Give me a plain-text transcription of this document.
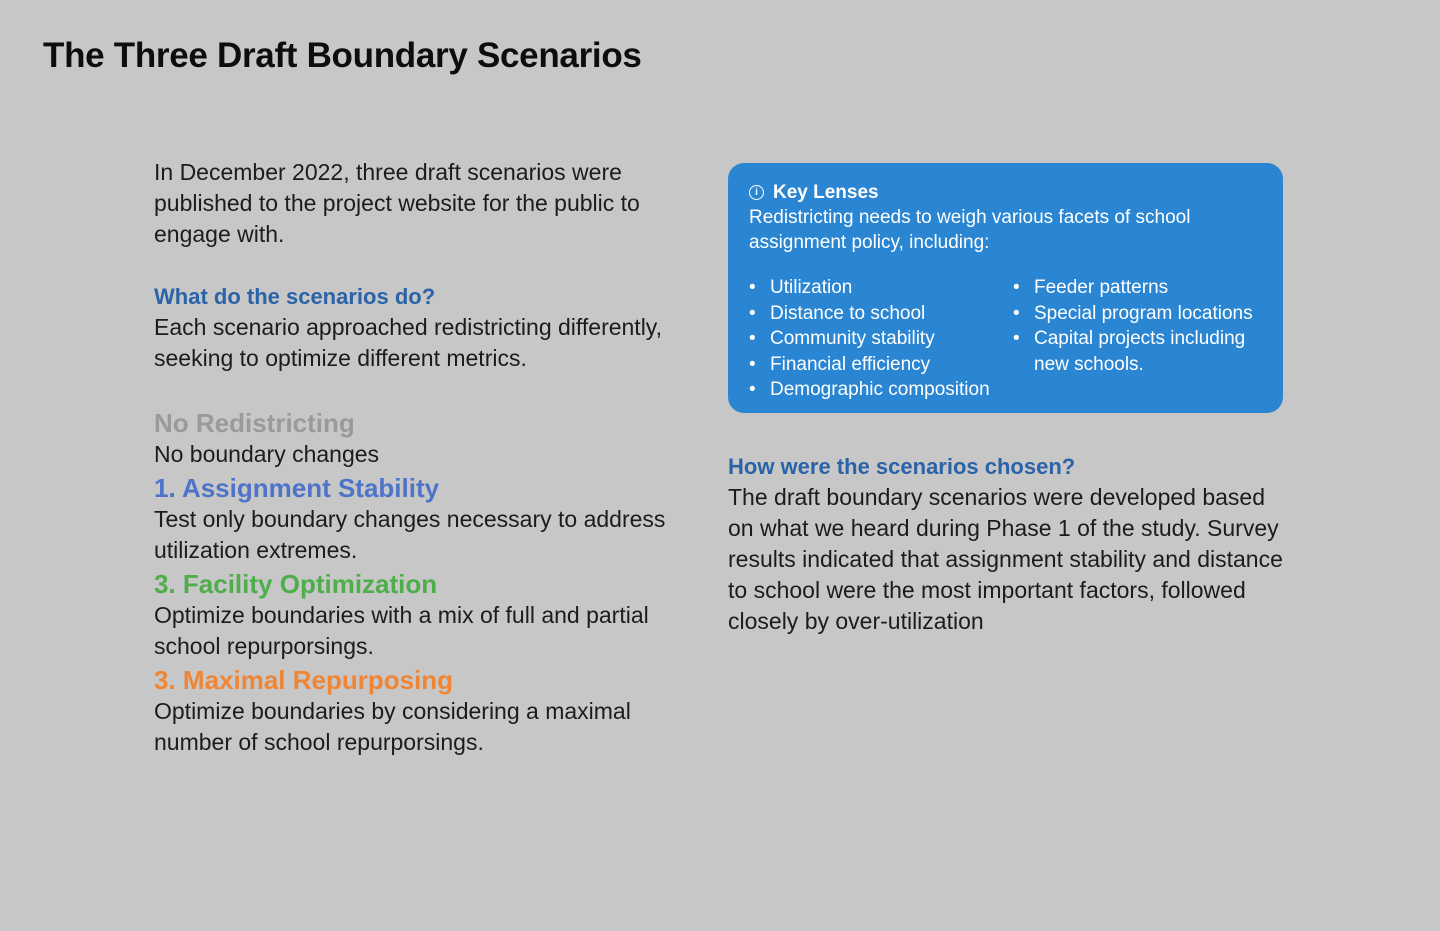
The Three Draft Boundary Scenarios

In December 2022, three draft scenarios were published to the project website for the public to engage with.

What do the scenarios do?

Each scenario approached redistricting differently, seeking to optimize different metrics.

No Redistricting

No boundary changes

1. Assignment Stability

Test only boundary changes necessary to address utilization extremes.

3. Facility Optimization

Optimize boundaries with a mix of full and partial school repurporsings.

3. Maximal Repurposing

Optimize boundaries by considering a maximal number of school repurporsings.

i Key Lenses

Redistricting needs to weigh various facets of school assignment policy, including:

• Utilization
• Distance to school
• Community stability
• Financial efficiency
• Demographic composition
• Feeder patterns
• Special program locations
• Capital projects including new schools.
How were the scenarios chosen?

The draft boundary scenarios were developed based on what we heard during Phase 1 of the study. Survey results indicated that assignment stability and distance to school were the most important factors, followed closely by over-utilization
